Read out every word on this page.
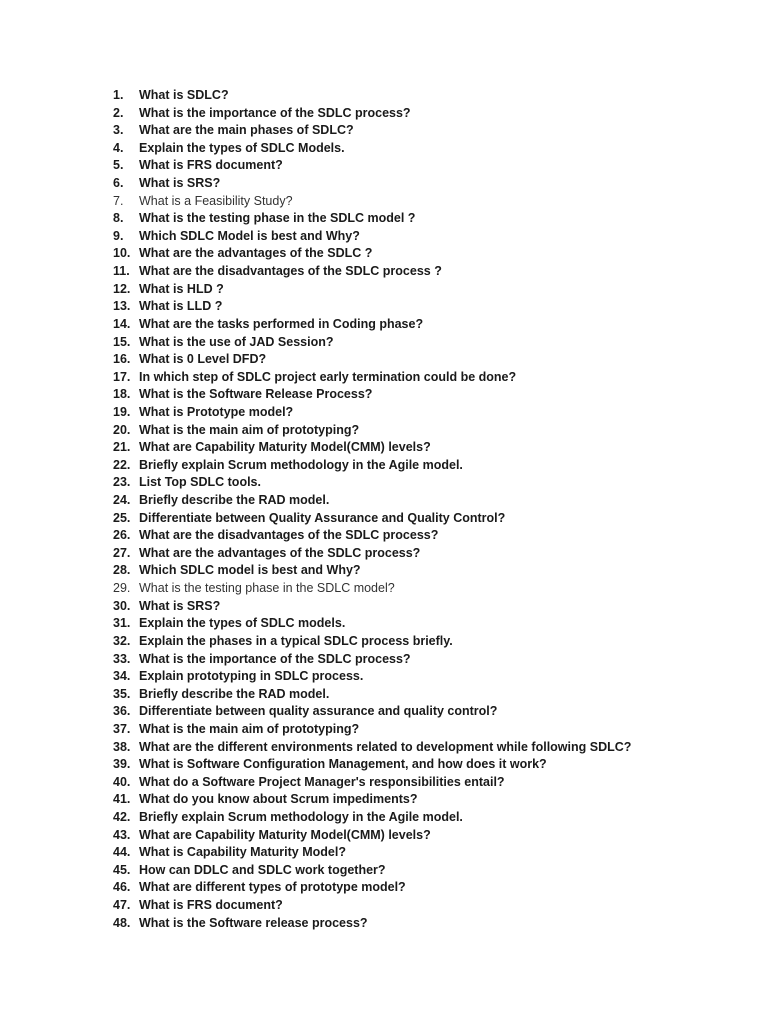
1.	What is SDLC?
2.	What is the importance of the SDLC process?
3.	What are the main phases of SDLC?
4.	Explain the types of SDLC Models.
5.	What is FRS document?
6.	What is SRS?
7.	What is a Feasibility Study?
8.	What is the testing phase in the SDLC model ?
9.	Which SDLC Model is best and Why?
10. What are the advantages of the SDLC ?
11. What are the disadvantages of the SDLC process ?
12. What is HLD ?
13. What is LLD ?
14. What are the tasks performed in Coding phase?
15. What is the use of JAD Session?
16. What is 0 Level DFD?
17. In which step of SDLC project early termination could be done?
18. What is the Software Release Process?
19. What is Prototype model?
20. What is the main aim of prototyping?
21. What are Capability Maturity Model(CMM) levels?
22. Briefly explain Scrum methodology in the Agile model.
23. List Top SDLC tools.
24. Briefly describe the RAD model.
25. Differentiate between Quality Assurance and Quality Control?
26. What are the disadvantages of the SDLC process?
27. What are the advantages of the SDLC process?
28. Which SDLC model is best and Why?
29. What is the testing phase in the SDLC model?
30. What is SRS?
31. Explain the types of SDLC models.
32. Explain the phases in a typical SDLC process briefly.
33. What is the importance of the SDLC process?
34. Explain prototyping in SDLC process.
35. Briefly describe the RAD model.
36. Differentiate between quality assurance and quality control?
37. What is the main aim of prototyping?
38. What are the different environments related to development while following SDLC?
39. What is Software Configuration Management, and how does it work?
40. What do a Software Project Manager's responsibilities entail?
41. What do you know about Scrum impediments?
42. Briefly explain Scrum methodology in the Agile model.
43. What are Capability Maturity Model(CMM) levels?
44. What is Capability Maturity Model?
45. How can DDLC and SDLC work together?
46. What are different types of prototype model?
47. What is FRS document?
48. What is the Software release process?
